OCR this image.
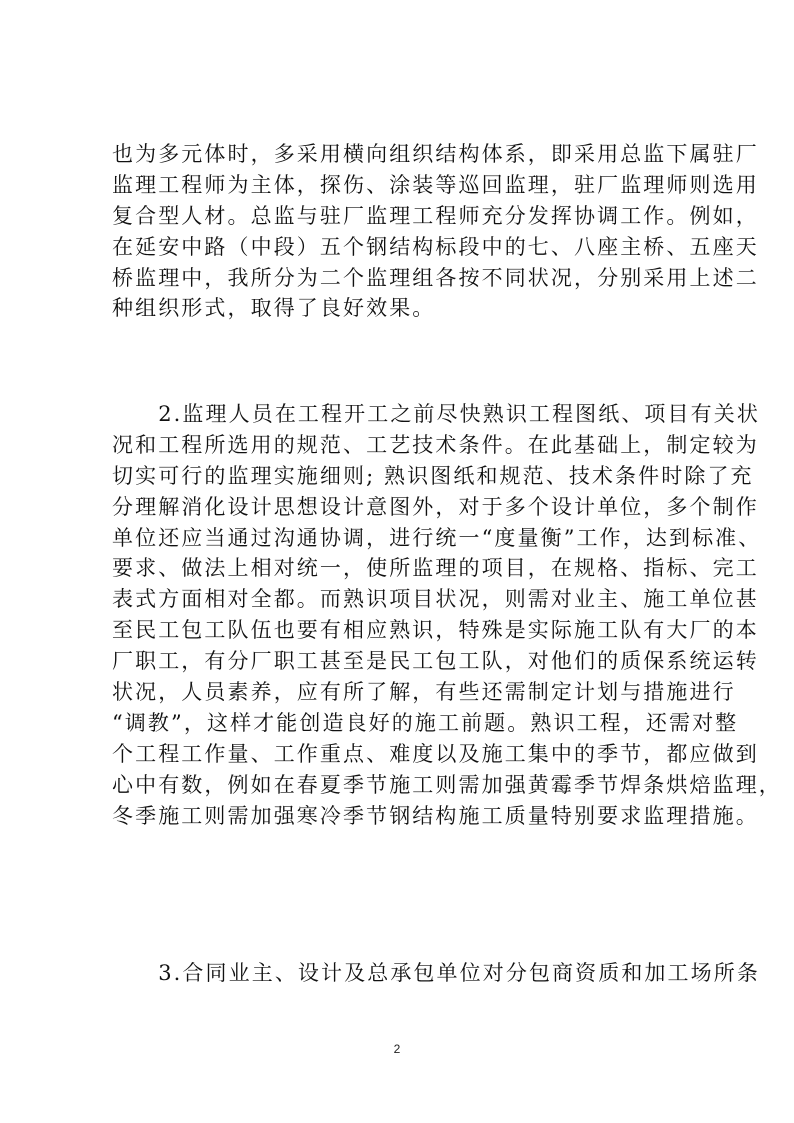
也为多元体时，多采用横向组织结构体系，即采用总监下属驻厂
监理工程师为主体，探伤、涂装等巡回监理，驻厂监理师则选用
复合型人材。总监与驻厂监理工程师充分发挥协调工作。例如，
在延安中路（中段）五个钢结构标段中的七、八座主桥、五座天
桥监理中，我所分为二个监理组各按不同状况，分别采用上述二
种组织形式，取得了良好效果。
　　2.监理人员在工程开工之前尽快熟识工程图纸、项目有关状
况和工程所选用的规范、工艺技术条件。在此基础上，制定较为
切实可行的监理实施细则; 熟识图纸和规范、技术条件时除了充
分理解消化设计思想设计意图外，对于多个设计单位，多个制作
单位还应当通过沟通协调，进行统一“度量衡”工作，达到标准、
要求、做法上相对统一，使所监理的项目，在规格、指标、完工
表式方面相对全都。而熟识项目状况，则需对业主、施工单位甚
至民工包工队伍也要有相应熟识，特殊是实际施工队有大厂的本
厂职工，有分厂职工甚至是民工包工队，对他们的质保系统运转
状况，人员素养，应有所了解，有些还需制定计划与措施进行
“调教”，这样才能创造良好的施工前题。熟识工程，还需对整
个工程工作量、工作重点、难度以及施工集中的季节，都应做到
心中有数，例如在春夏季节施工则需加强黄霉季节焊条烘焙监理，
冬季施工则需加强寒冷季节钢结构施工质量特别要求监理措施。
　　3.合同业主、设计及总承包单位对分包商资质和加工场所条
2
